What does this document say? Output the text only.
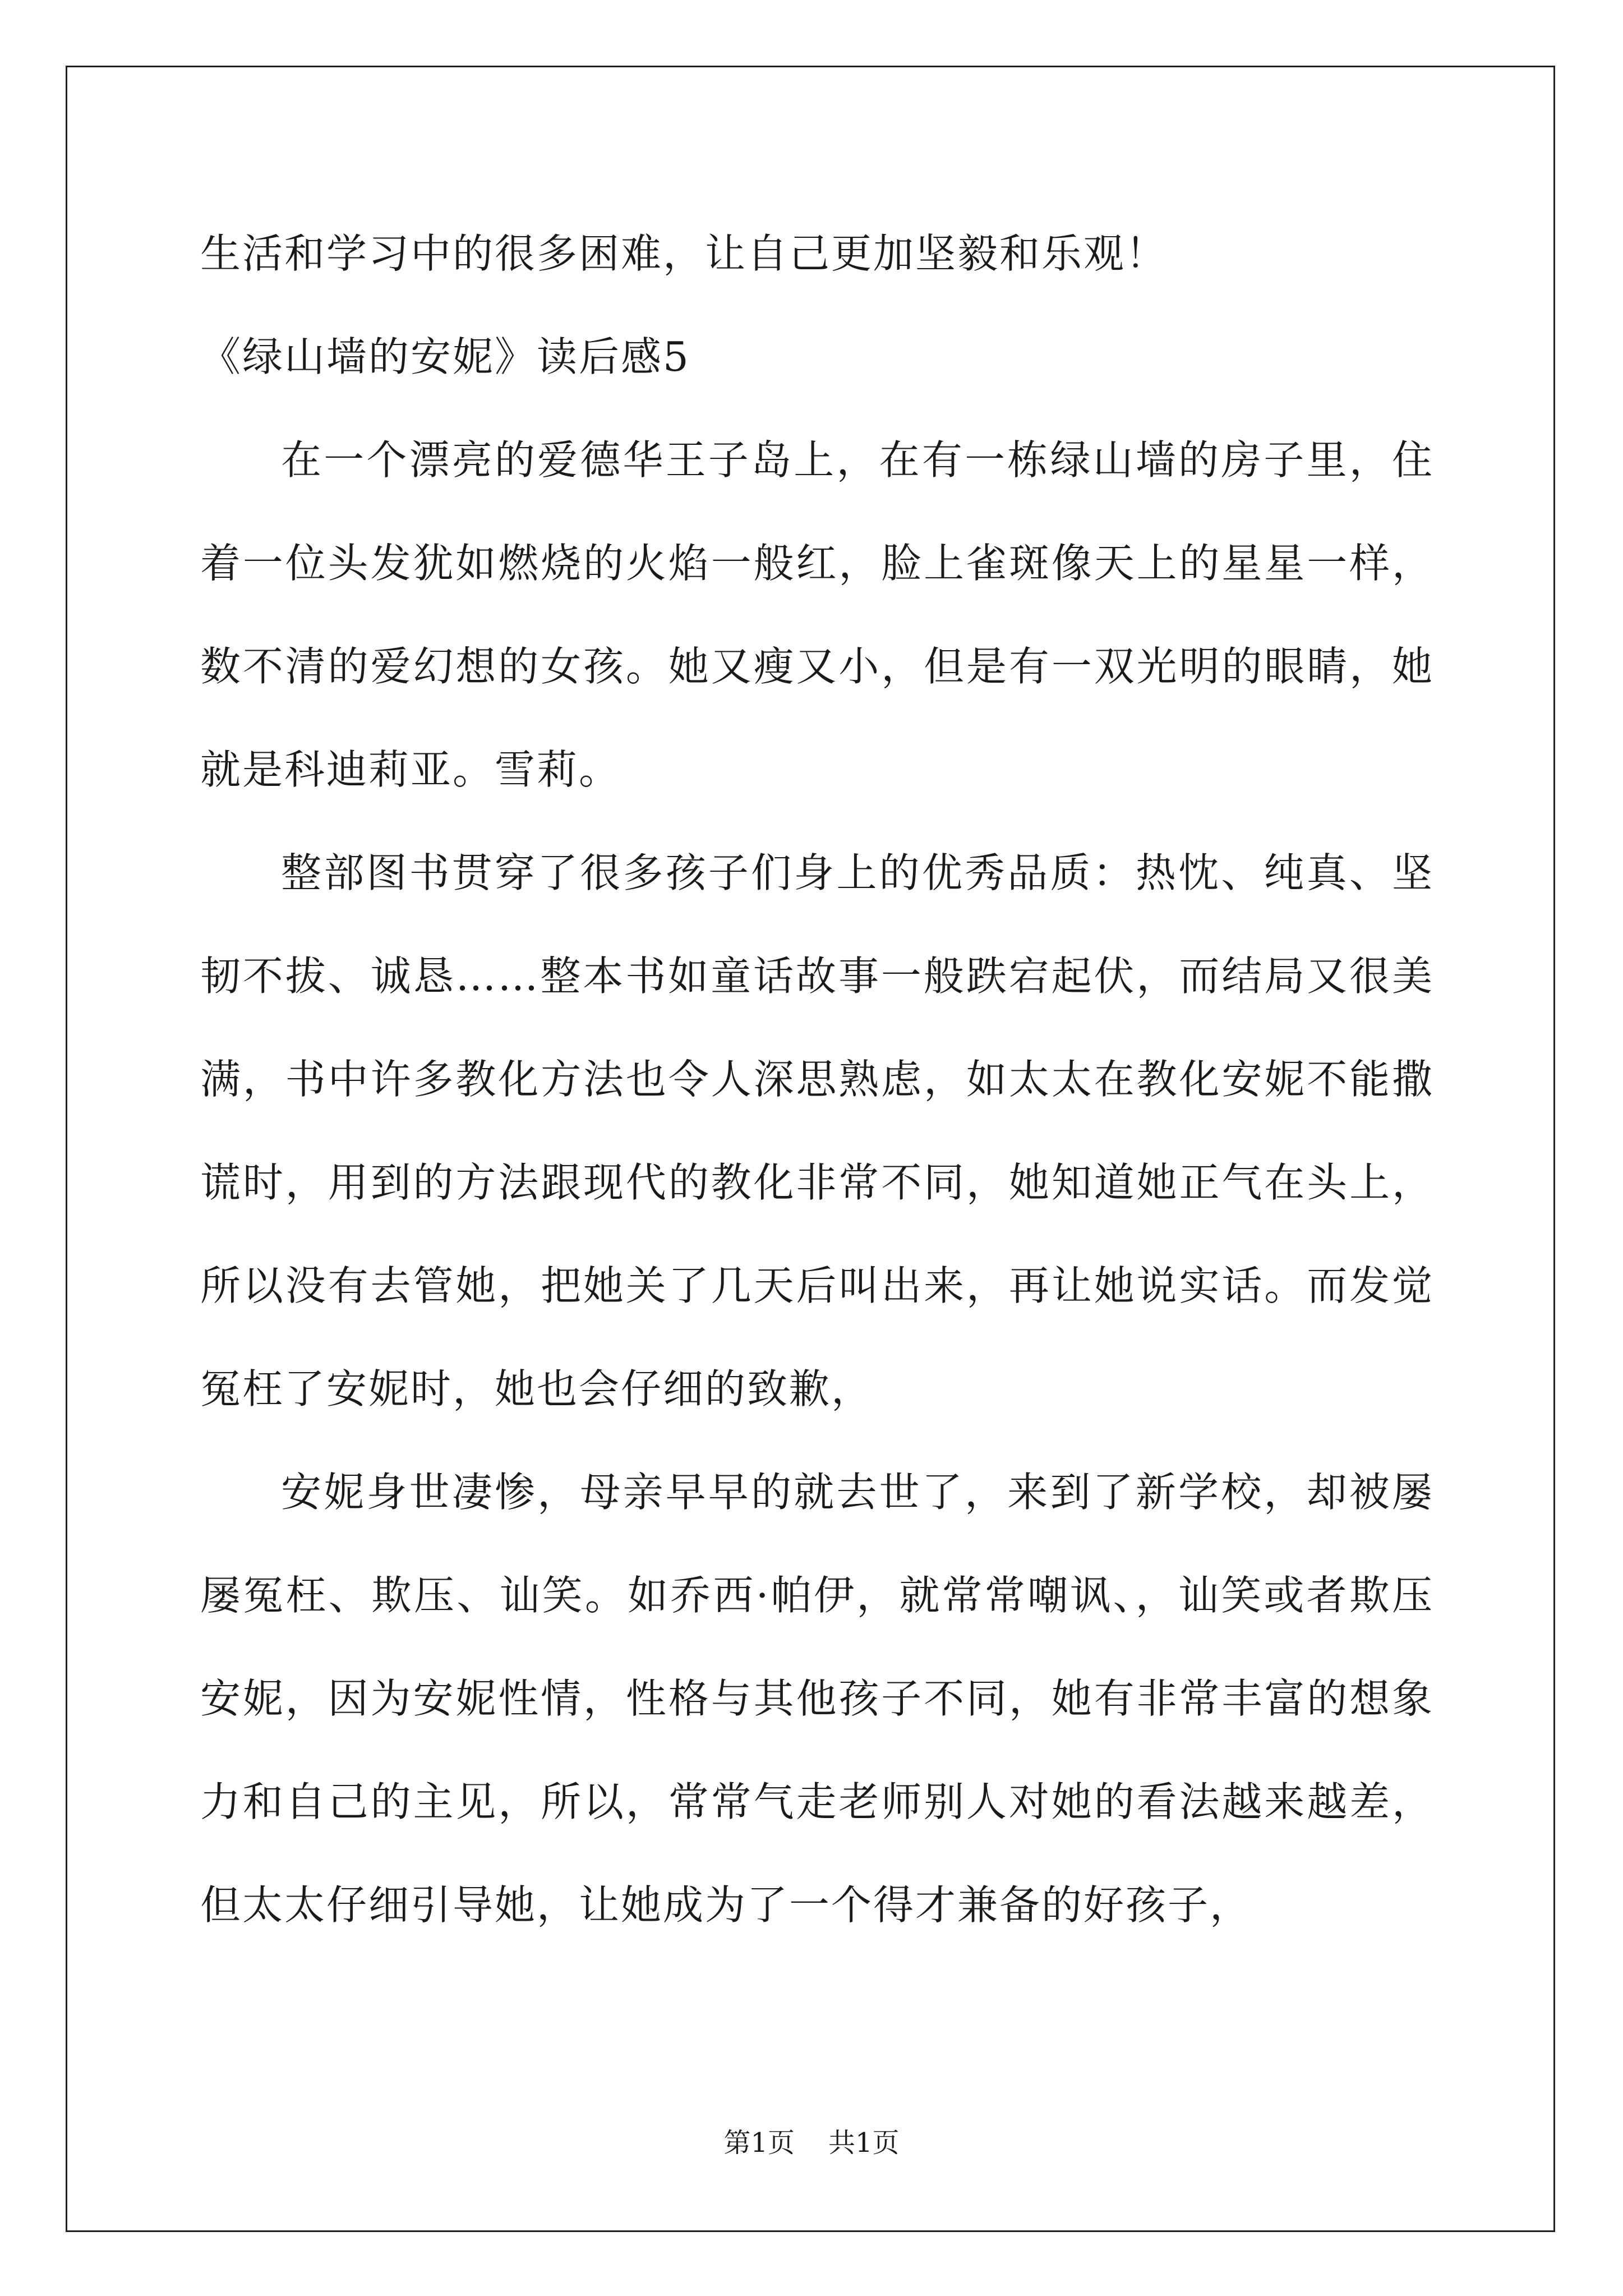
生活和学习中的很多困难，让自己更加坚毅和乐观！
《绿山墙的安妮》读后感5
在一个漂亮的爱德华王子岛上，在有一栋绿山墙的房子里，住着一位头发犹如燃烧的火焰一般红，脸上雀斑像天上的星星一样，数不清的爱幻想的女孩。她又瘦又小，但是有一双光明的眼睛，她就是科迪莉亚。雪莉。
整部图书贯穿了很多孩子们身上的优秀品质：热忱、纯真、坚韧不拔、诚恳……整本书如童话故事一般跌宕起伏，而结局又很美满，书中许多教化方法也令人深思熟虑，如太太在教化安妮不能撒谎时，用到的方法跟现代的教化非常不同，她知道她正气在头上，所以没有去管她，把她关了几天后叫出来，再让她说实话。而发觉冤枉了安妮时，她也会仔细的致歉，
安妮身世凄惨，母亲早早的就去世了，来到了新学校，却被屡屡冤枉、欺压、讪笑。如乔西·帕伊，就常常嘲讽、，讪笑或者欺压安妮，因为安妮性情，性格与其他孩子不同，她有非常丰富的想象力和自己的主见，所以，常常气走老师别人对她的看法越来越差，但太太仔细引导她，让她成为了一个得才兼备的好孩子，
第1页 共1页
